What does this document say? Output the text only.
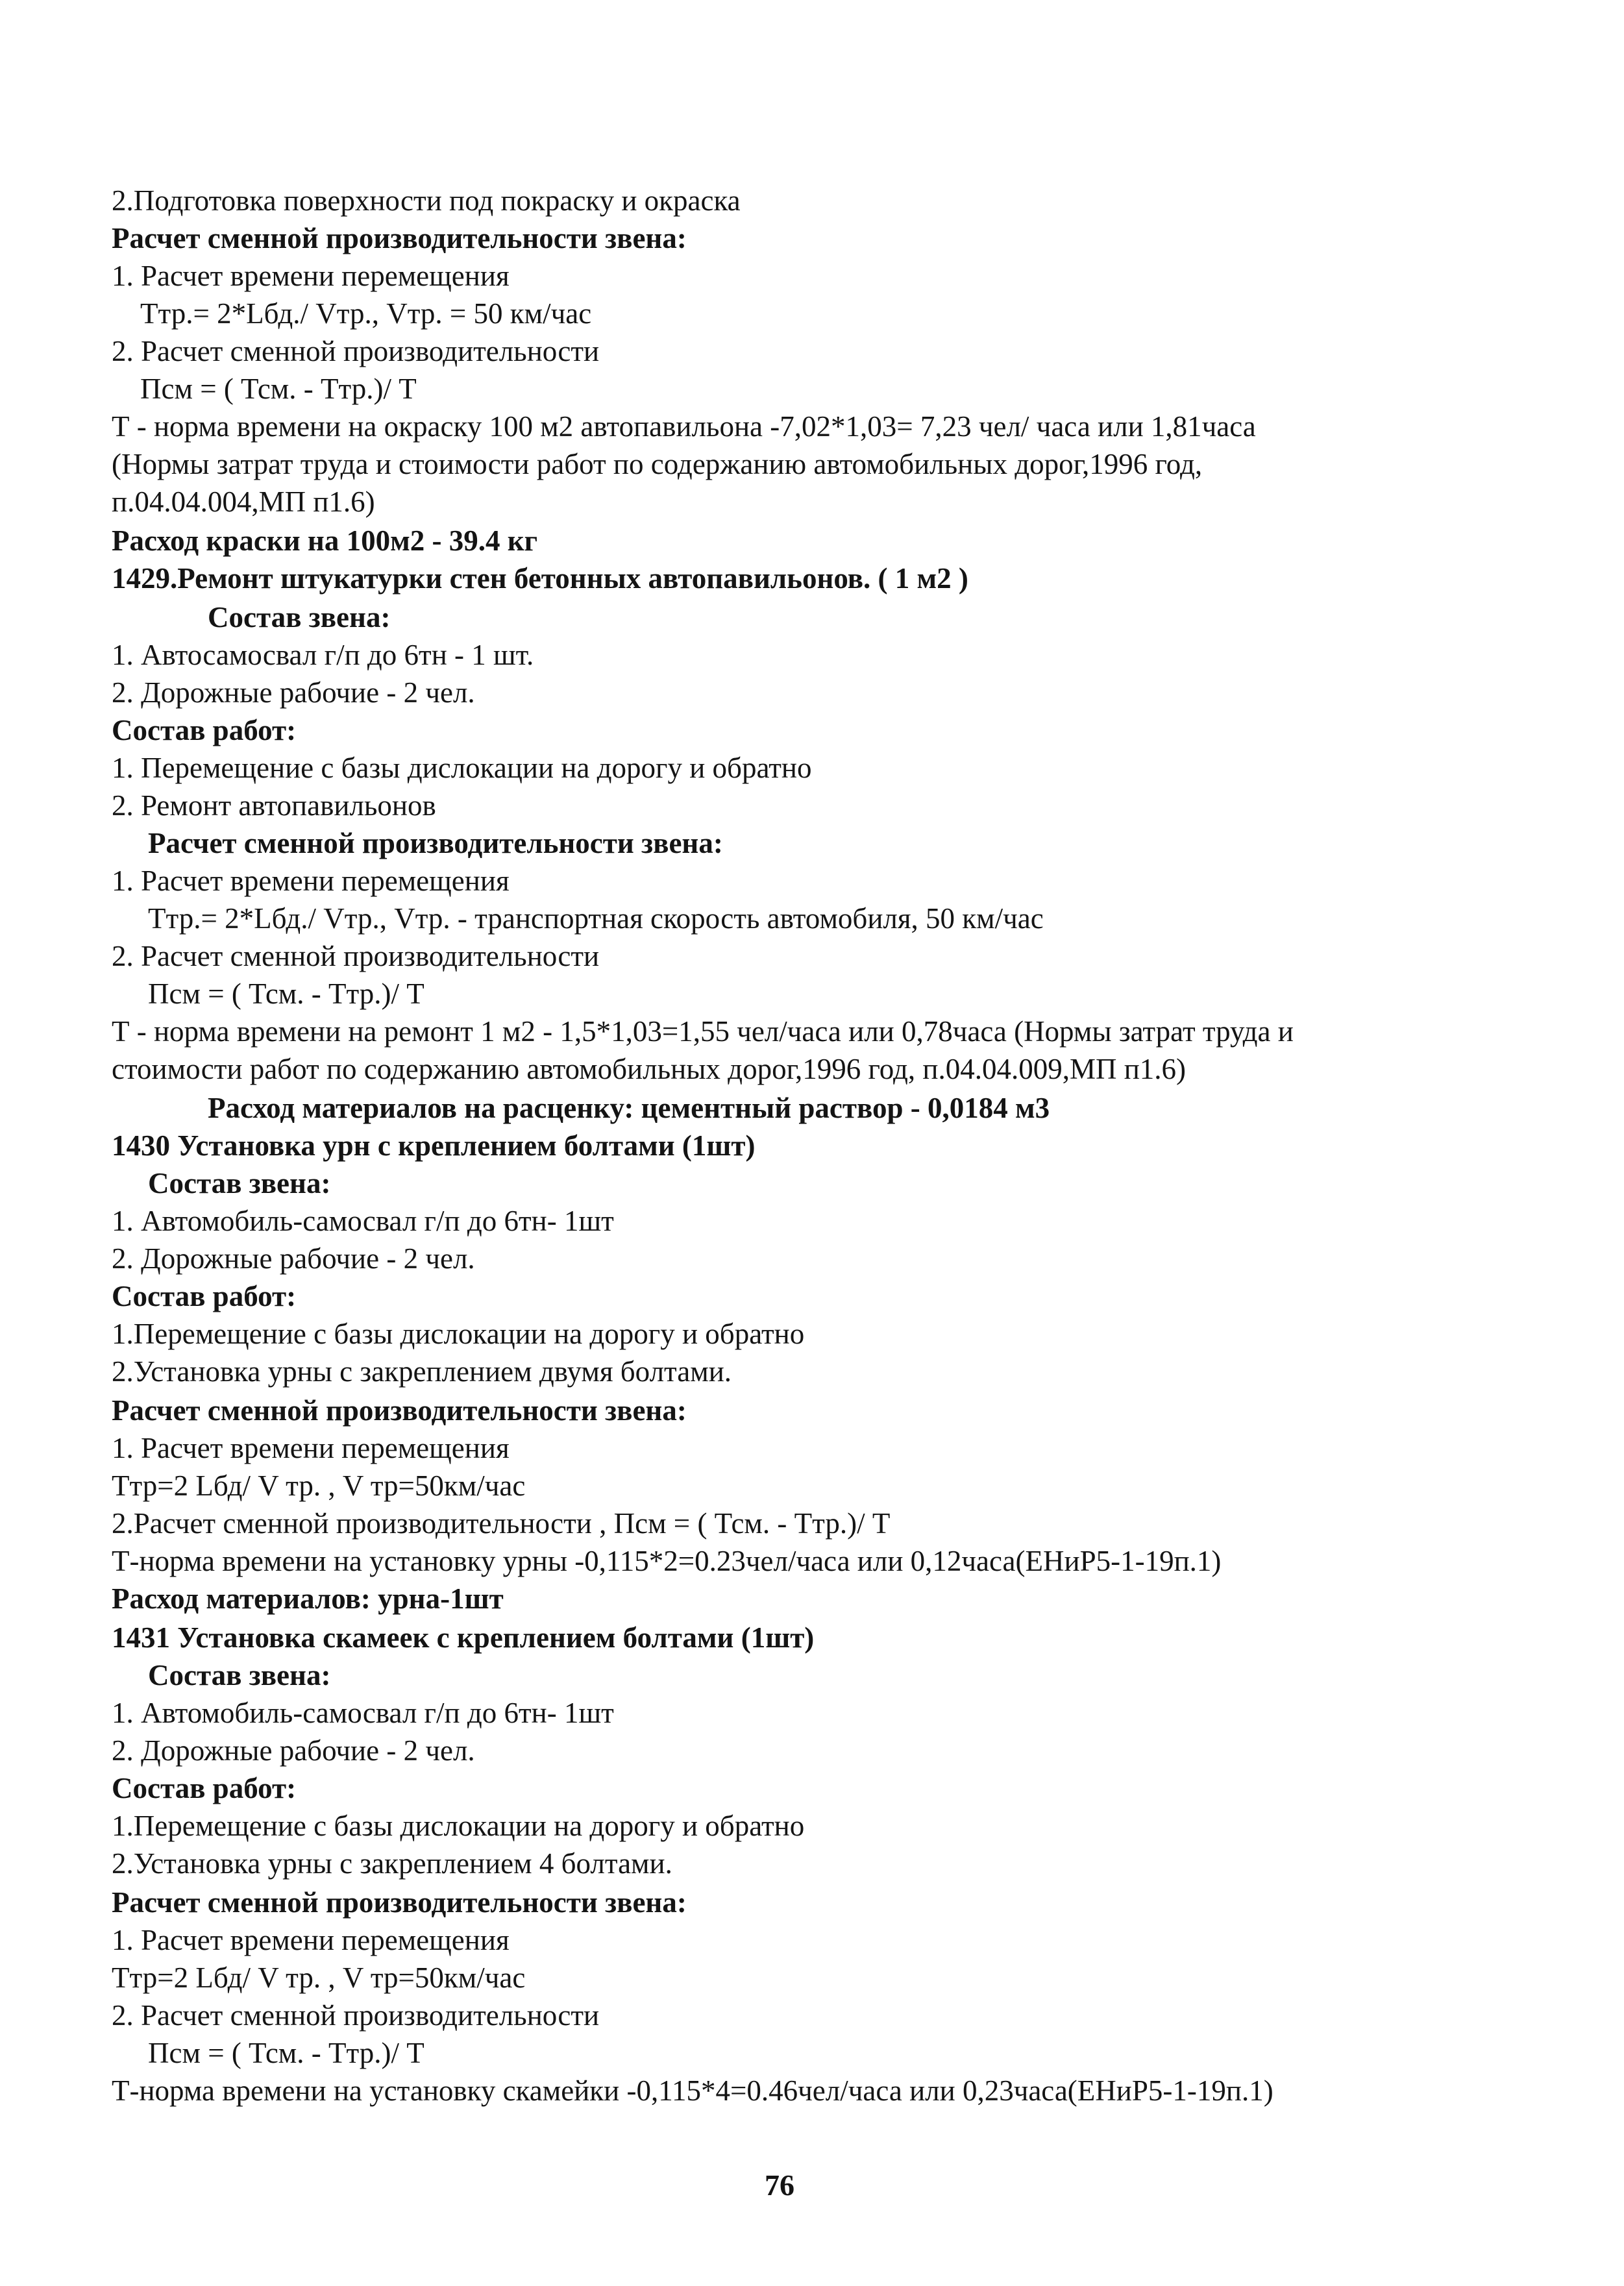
2.Подготовка поверхности под покраску и окраска
Расчет сменной производительности звена:
1. Расчет времени перемещения
Ттр.= 2*Lбд./ Vтр., Vтр. = 50 км/час
2. Расчет сменной производительности
Псм = ( Тсм. - Ттр.)/ Т
Т - норма времени на окраску 100 м2 автопавильона -7,02*1,03= 7,23 чел/ часа или 1,81часа
(Нормы затрат труда и стоимости работ по содержанию автомобильных дорог,1996 год,
п.04.04.004,МП п1.6)
Расход краски на 100м2 - 39.4 кг
1429.Ремонт штукатурки стен бетонных автопавильонов. ( 1 м2 )
Состав звена:
1. Автосамосвал г/п до 6тн - 1 шт.
2. Дорожные рабочие - 2 чел.
Состав работ:
1. Перемещение с базы дислокации на дорогу и обратно
2. Ремонт автопавильонов
Расчет сменной производительности звена:
1. Расчет времени перемещения
Ттр.= 2*Lбд./ Vтр., Vтр. - транспортная скорость автомобиля, 50 км/час
2. Расчет сменной производительности
Псм = ( Тсм. - Ттр.)/ Т
Т - норма времени на ремонт 1 м2 - 1,5*1,03=1,55 чел/часа или 0,78часа (Нормы затрат труда и
стоимости работ по содержанию автомобильных дорог,1996 год, п.04.04.009,МП п1.6)
Расход материалов на расценку: цементный раствор - 0,0184 м3
1430 Установка урн с креплением болтами (1шт)
Состав звена:
1. Автомобиль-самосвал г/п до 6тн- 1шт
2. Дорожные рабочие - 2 чел.
Состав работ:
1.Перемещение с базы дислокации на дорогу и обратно
2.Установка урны с закреплением двумя болтами.
Расчет сменной производительности звена:
1. Расчет времени перемещения
Ттр=2 Lбд/ V тр. , V тр=50км/час
2.Расчет сменной производительности , Псм = ( Тсм. - Ттр.)/ Т
Т-норма времени на установку урны -0,115*2=0.23чел/часа или 0,12часа(ЕНиР5-1-19п.1)
Расход материалов: урна-1шт
1431 Установка скамеек с креплением болтами (1шт)
Состав звена:
1. Автомобиль-самосвал г/п до 6тн- 1шт
2. Дорожные рабочие - 2 чел.
Состав работ:
1.Перемещение с базы дислокации на дорогу и обратно
2.Установка урны с закреплением 4 болтами.
Расчет сменной производительности звена:
1. Расчет времени перемещения
Ттр=2 Lбд/ V тр. , V тр=50км/час
2. Расчет сменной производительности
Псм = ( Тсм. - Ттр.)/ Т
Т-норма времени на установку скамейки -0,115*4=0.46чел/часа или 0,23часа(ЕНиР5-1-19п.1)
76
